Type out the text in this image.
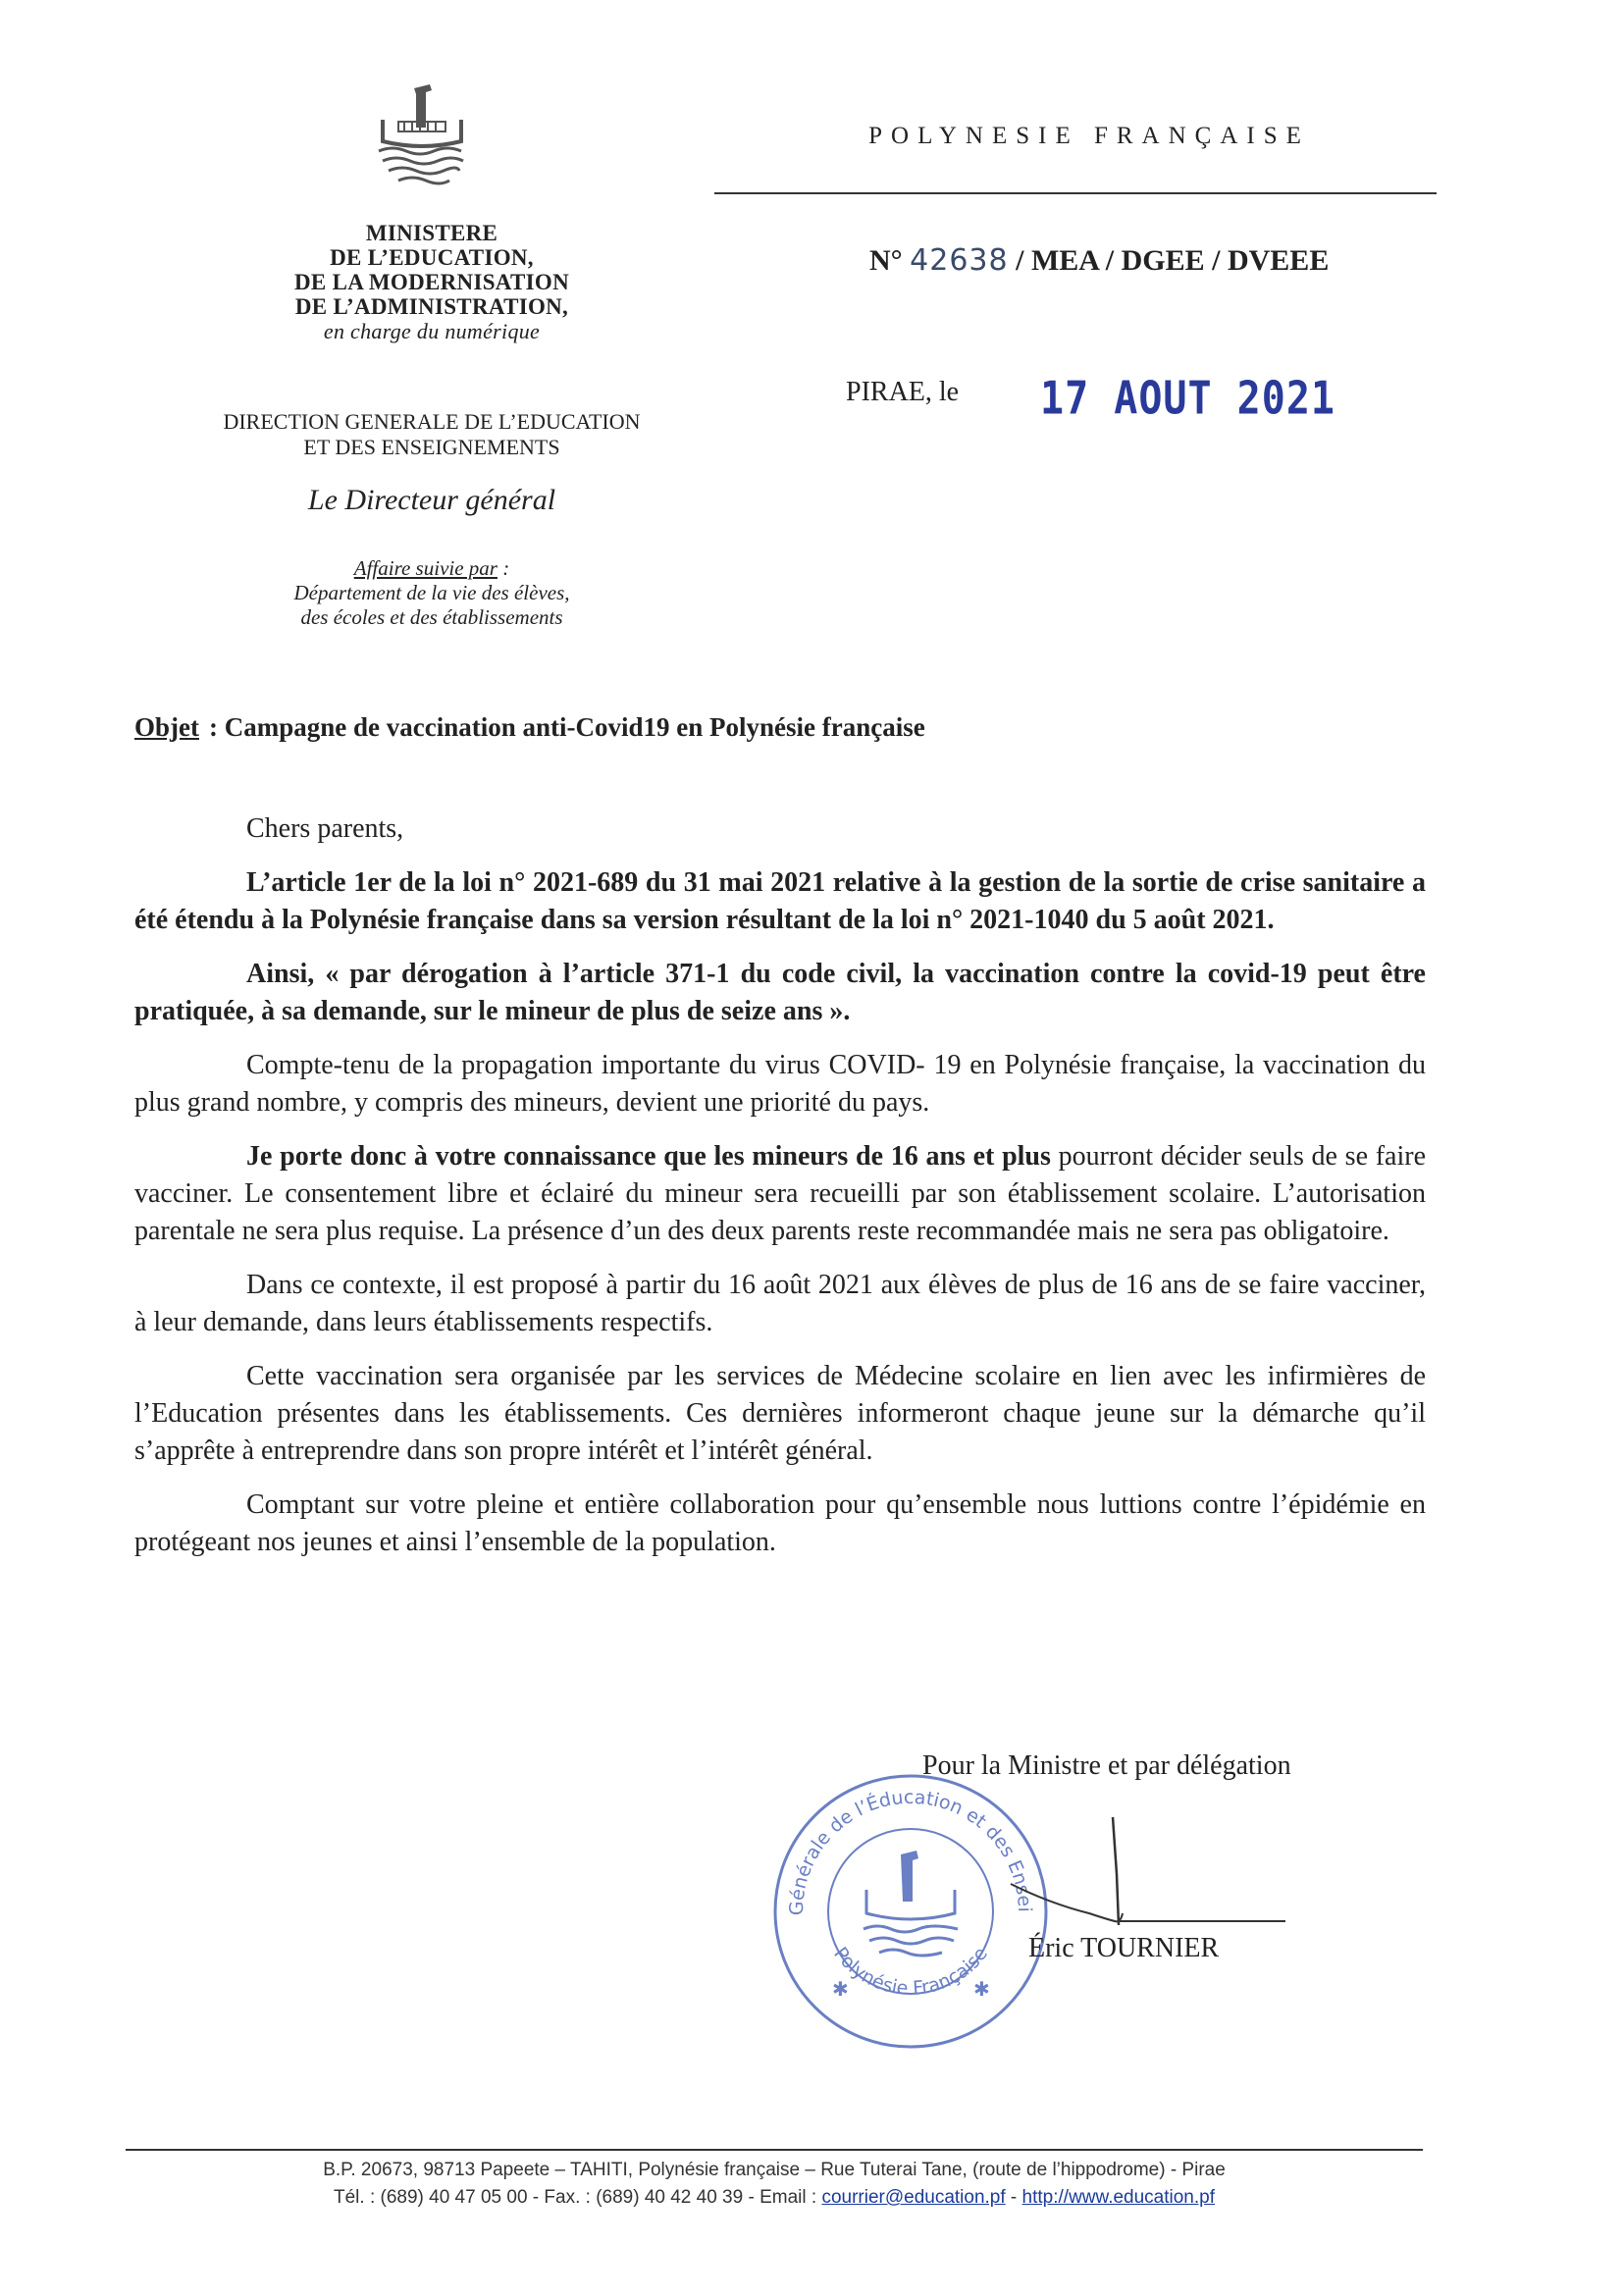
MINISTERE
DE L’EDUCATION,
DE LA MODERNISATION
DE L’ADMINISTRATION,
en charge du numérique
DIRECTION GENERALE DE L’EDUCATION
ET DES ENSEIGNEMENTS
Le Directeur général
Affaire suivie par :
Département de la vie des élèves,
des écoles et des établissements
POLYNESIE FRANÇAISE
N° 42638 / MEA / DGEE / DVEEE
PIRAE, le 17 AOUT 2021
Objet : Campagne de vaccination anti-Covid19 en Polynésie française

Chers parents,

L’article 1er de la loi n° 2021-689 du 31 mai 2021 relative à la gestion de la sortie de crise sanitaire a été étendu à la Polynésie française dans sa version résultant de la loi n° 2021-1040 du 5 août 2021.

Ainsi, « par dérogation à l’article 371-1 du code civil, la vaccination contre la covid-19 peut être pratiquée, à sa demande, sur le mineur de plus de seize ans ».

Compte-tenu de la propagation importante du virus COVID- 19 en Polynésie française, la vaccination du plus grand nombre, y compris des mineurs, devient une priorité du pays.

Je porte donc à votre connaissance que les mineurs de 16 ans et plus pourront décider seuls de se faire vacciner. Le consentement libre et éclairé du mineur sera recueilli par son établissement scolaire. L’autorisation parentale ne sera plus requise. La présence d’un des deux parents reste recommandée mais ne sera pas obligatoire.

Dans ce contexte, il est proposé à partir du 16 août 2021 aux élèves de plus de 16 ans de se faire vacciner, à leur demande, dans leurs établissements respectifs.

Cette vaccination sera organisée par les services de Médecine scolaire en lien avec les infirmières de l’Education présentes dans les établissements. Ces dernières informeront chaque jeune sur la démarche qu’il s’apprête à entreprendre dans son propre intérêt et l’intérêt général.

Comptant sur votre pleine et entière collaboration pour qu’ensemble nous luttions contre l’épidémie en protégeant nos jeunes et ainsi l’ensemble de la population.

Pour la Ministre et par délégation
Générale de l’Éducation et des Ensei
Polynésie Française
✱	✱
Éric TOURNIER
B.P. 20673, 98713 Papeete – TAHITI, Polynésie française – Rue Tuterai Tane, (route de l’hippodrome) - Pirae
Tél. : (689) 40 47 05 00 - Fax. : (689) 40 42 40 39 - Email : courrier@education.pf - http://www.education.pf
